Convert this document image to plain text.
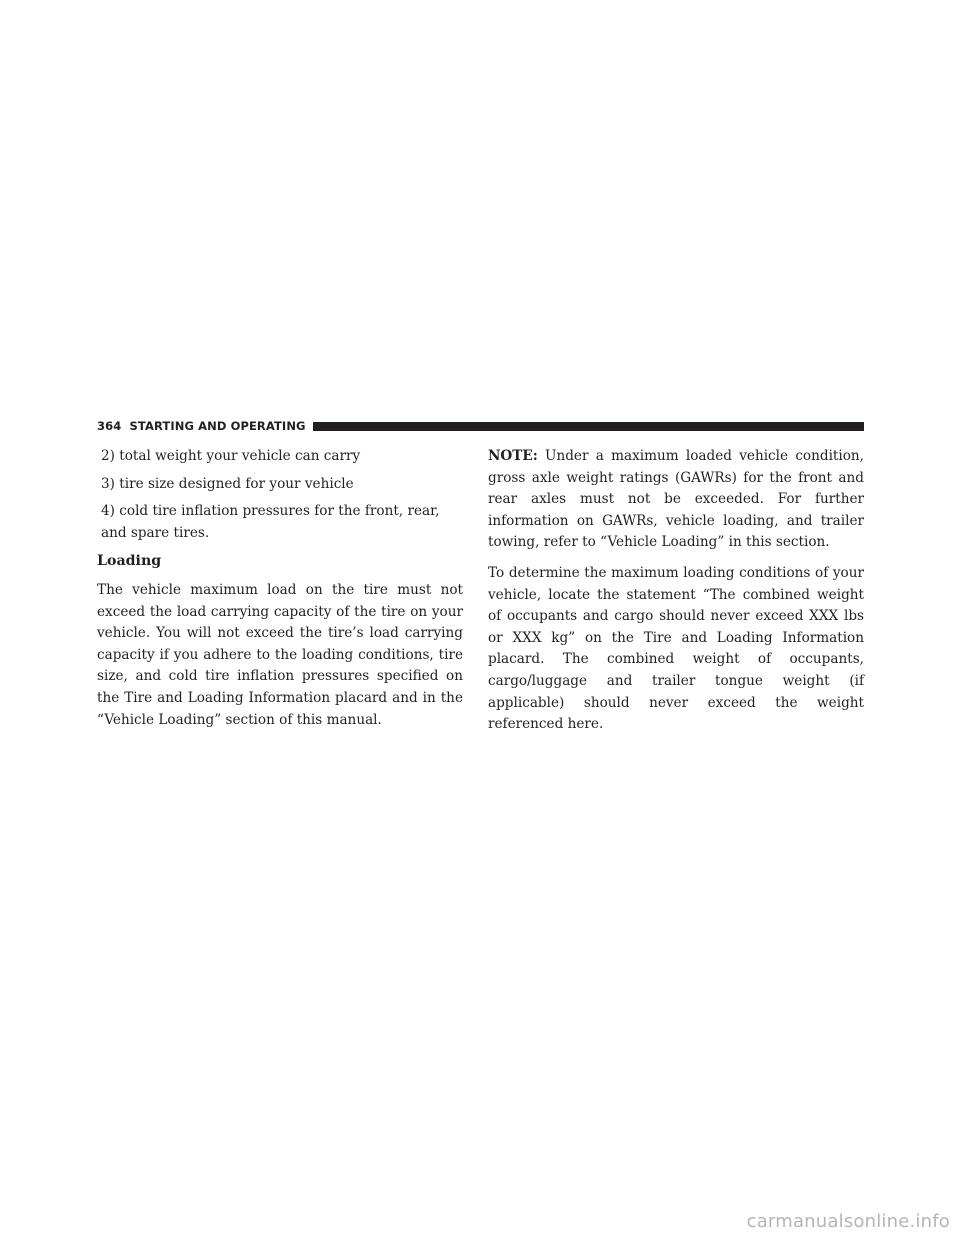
364 STARTING AND OPERATING

2) total weight your vehicle can carry

3) tire size designed for your vehicle

4) cold tire inflation pressures for the front, rear, and spare tires.

Loading

The vehicle maximum load on the tire must not exceed the load carrying capacity of the tire on your vehicle. You will not exceed the tire’s load carrying capacity if you adhere to the loading conditions, tire size, and cold tire inflation pressures specified on the Tire and Loading Information placard and in the “Vehicle Loading” section of this manual.

NOTE: Under a maximum loaded vehicle condition, gross axle weight ratings (GAWRs) for the front and rear axles must not be exceeded. For further information on GAWRs, vehicle loading, and trailer towing, refer to “Vehicle Loading” in this section.

To determine the maximum loading conditions of your vehicle, locate the statement “The combined weight of occupants and cargo should never exceed XXX lbs or XXX kg” on the Tire and Loading Information placard. The combined weight of occupants, cargo/luggage and trailer tongue weight (if applicable) should never exceed the weight referenced here.

carmanualsonline.info
